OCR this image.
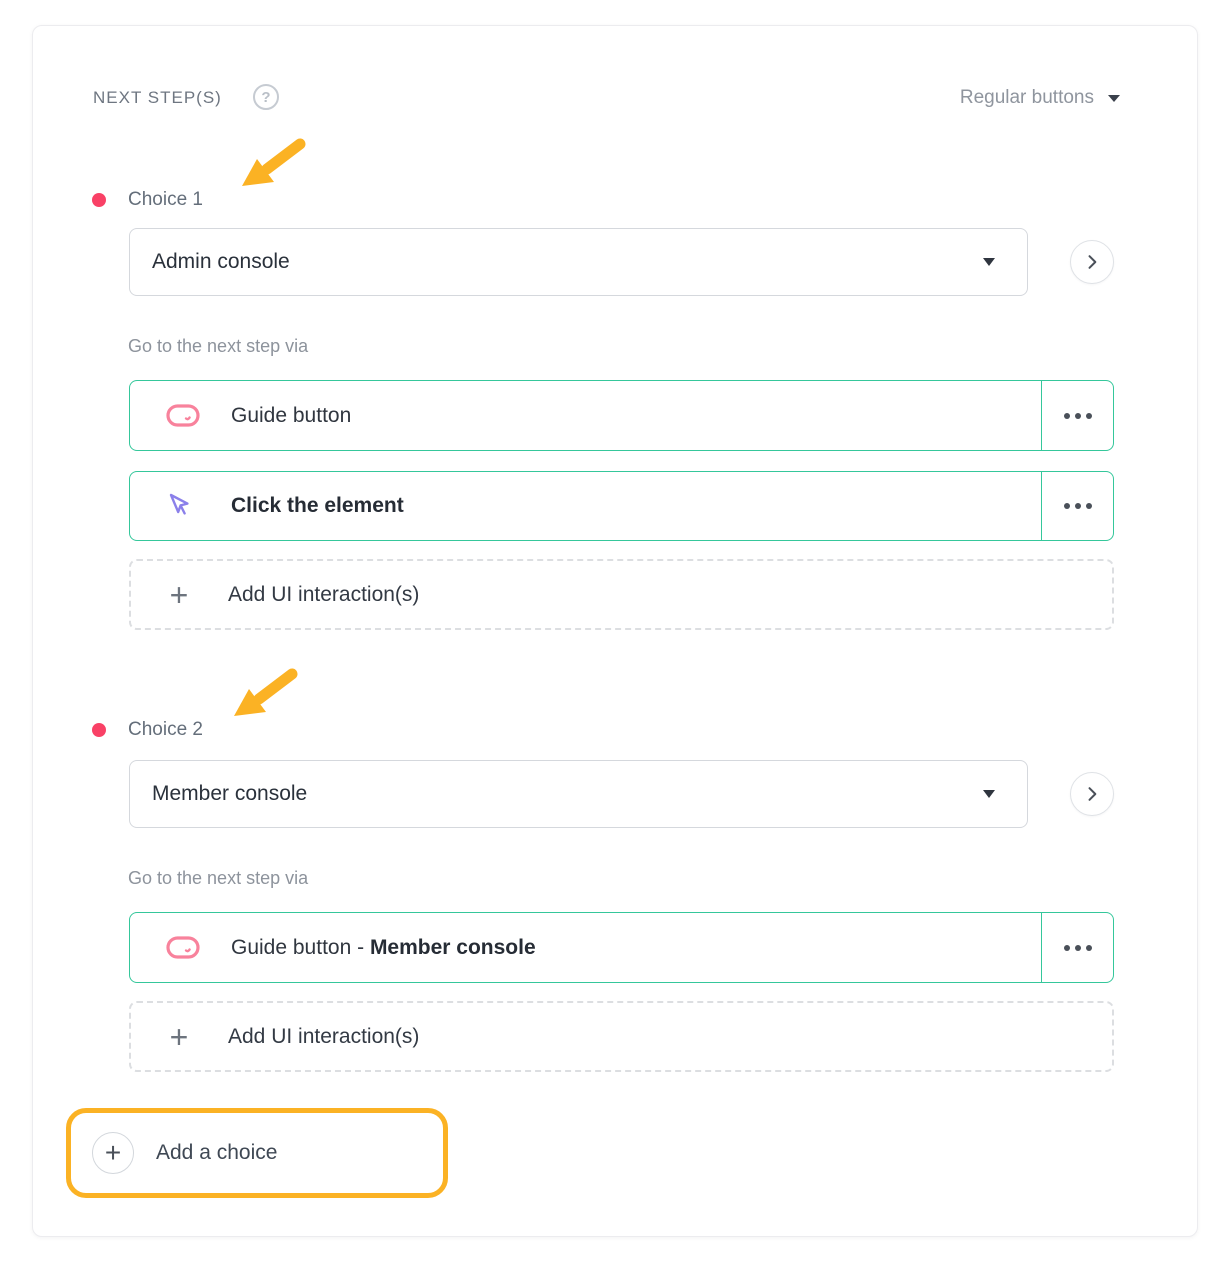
NEXT STEP(S)	?	Regular buttons
Choice 1
Admin console
Go to the next step via
Guide button
Click the element
+ Add UI interaction(s)
Choice 2
Member console
Go to the next step via
Guide button - Member console
+ Add UI interaction(s)
+ Add a choice
